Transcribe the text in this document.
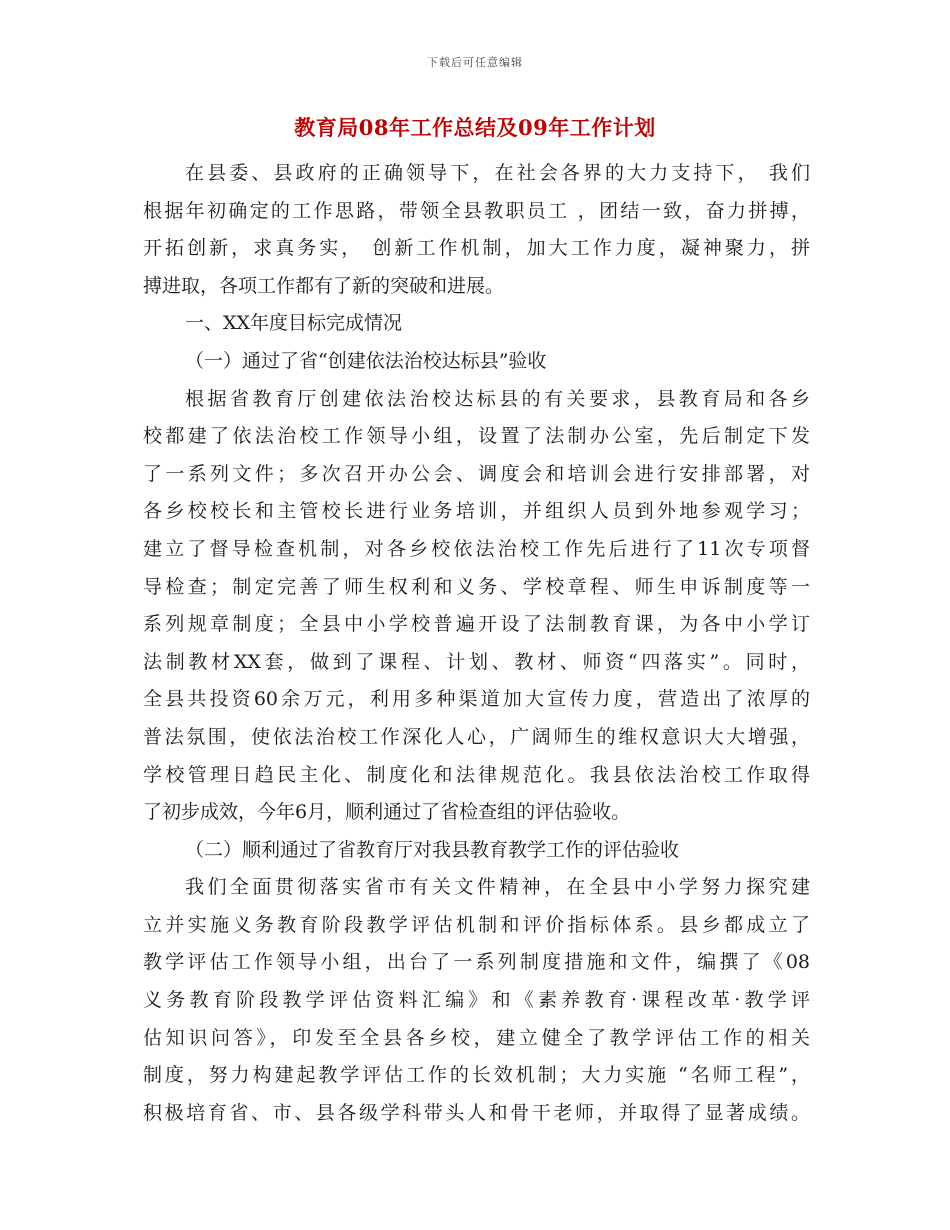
下载后可任意编辑
教育局08年工作总结及09年工作计划
在县委、县政府的正确领导下，在社会各界的大力支持下， 我们
根据年初确定的工作思路，带领全县教职员工 ，团结一致，奋力拼搏，
开拓创新，求真务实， 创新工作机制，加大工作力度，凝神聚力，拼
搏进取，各项工作都有了新的突破和进展。
一、XX年度目标完成情况
（一）通过了省“创建依法治校达标县”验收
根据省教育厅创建依法治校达标县的有关要求，县教育局和各乡
校都建了依法治校工作领导小组，设置了法制办公室，先后制定下发
了一系列文件；多次召开办公会、调度会和培训会进行安排部署，对
各乡校校长和主管校长进行业务培训，并组织人员到外地参观学习；
建立了督导检查机制，对各乡校依法治校工作先后进行了11次专项督
导检查；制定完善了师生权利和义务、学校章程、师生申诉制度等一
系列规章制度；全县中小学校普遍开设了法制教育课，为各中小学订
法制教材XX套，做到了课程、计划、教材、师资“四落实”。同时，
全县共投资60余万元，利用多种渠道加大宣传力度，营造出了浓厚的
普法氛围，使依法治校工作深化人心，广阔师生的维权意识大大增强，
学校管理日趋民主化、制度化和法律规范化。我县依法治校工作取得
了初步成效，今年6月，顺利通过了省检查组的评估验收。
（二）顺利通过了省教育厅对我县教育教学工作的评估验收
我们全面贯彻落实省市有关文件精神，在全县中小学努力探究建
立并实施义务教育阶段教学评估机制和评价指标体系。县乡都成立了
教学评估工作领导小组，出台了一系列制度措施和文件，编撰了《08
义务教育阶段教学评估资料汇编》和《素养教育·课程改革·教学评
估知识问答》，印发至全县各乡校，建立健全了教学评估工作的相关
制度，努力构建起教学评估工作的长效机制；大力实施 “名师工程”，
积极培育省、市、县各级学科带头人和骨干老师，并取得了显著成绩。
